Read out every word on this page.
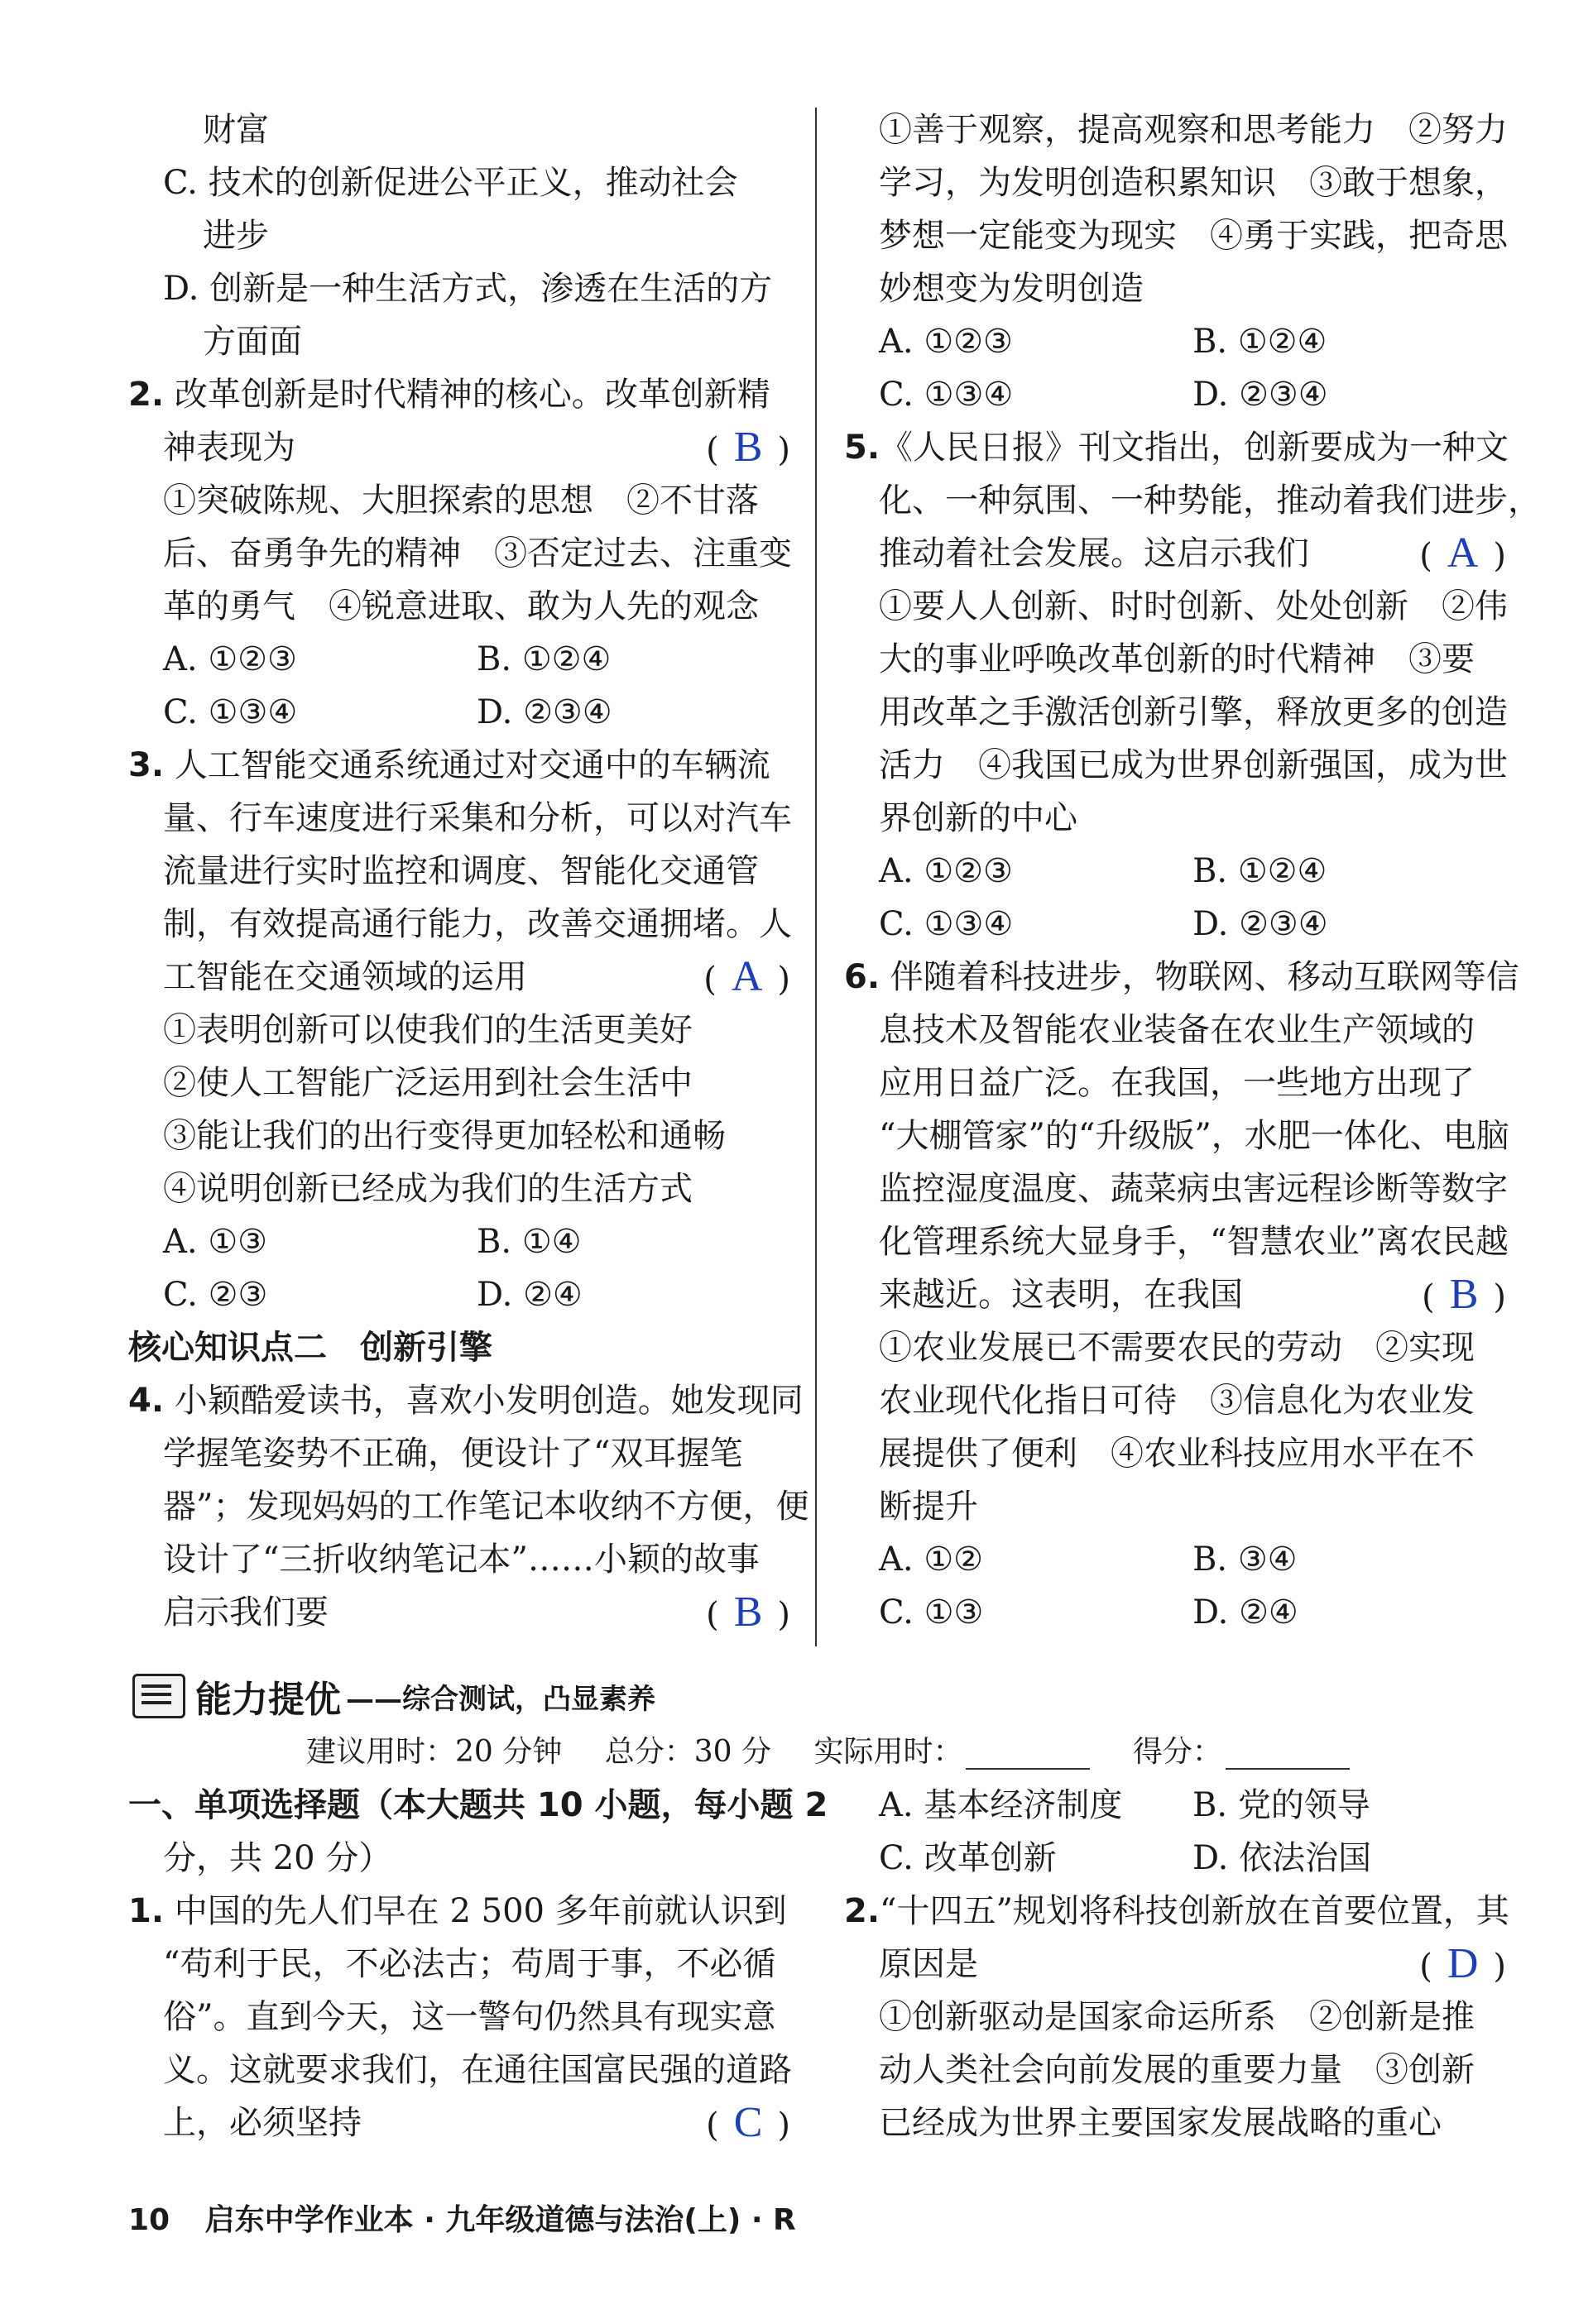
财富
C. 技术的创新促进公平正义，推动社会
进步
D. 创新是一种生活方式，渗透在生活的方
方面面
2. 改革创新是时代精神的核心。改革创新精
神表现为	( B )
①突破陈规、大胆探索的思想　②不甘落
后、奋勇争先的精神　③否定过去、注重变
革的勇气　④锐意进取、敢为人先的观念
A. ①②③	B. ①②④
C. ①③④	D. ②③④
3. 人工智能交通系统通过对交通中的车辆流
量、行车速度进行采集和分析，可以对汽车
流量进行实时监控和调度、智能化交通管
制，有效提高通行能力，改善交通拥堵。人
工智能在交通领域的运用	( A )
①表明创新可以使我们的生活更美好
②使人工智能广泛运用到社会生活中
③能让我们的出行变得更加轻松和通畅
④说明创新已经成为我们的生活方式
A. ①③	B. ①④
C. ②③	D. ②④
核心知识点二　创新引擎
4. 小颖酷爱读书，喜欢小发明创造。她发现同
学握笔姿势不正确，便设计了“双耳握笔
器”；发现妈妈的工作笔记本收纳不方便，便
设计了“三折收纳笔记本”……小颖的故事
启示我们要	( B )
①善于观察，提高观察和思考能力　②努力
学习，为发明创造积累知识　③敢于想象，
梦想一定能变为现实　④勇于实践，把奇思
妙想变为发明创造
A. ①②③	B. ①②④
C. ①③④	D. ②③④
5.《人民日报》刊文指出，创新要成为一种文
化、一种氛围、一种势能，推动着我们进步，
推动着社会发展。这启示我们	( A )
①要人人创新、时时创新、处处创新　②伟
大的事业呼唤改革创新的时代精神　③要
用改革之手激活创新引擎，释放更多的创造
活力　④我国已成为世界创新强国，成为世
界创新的中心
A. ①②③	B. ①②④
C. ①③④	D. ②③④
6. 伴随着科技进步，物联网、移动互联网等信
息技术及智能农业装备在农业生产领域的
应用日益广泛。在我国，一些地方出现了
“大棚管家”的“升级版”，水肥一体化、电脑
监控湿度温度、蔬菜病虫害远程诊断等数字
化管理系统大显身手，“智慧农业”离农民越
来越近。这表明，在我国	( B )
①农业发展已不需要农民的劳动　②实现
农业现代化指日可待　③信息化为农业发
展提供了便利　④农业科技应用水平在不
断提升
A. ①②	B. ③④
C. ①③	D. ②④
能力提优 ——综合测试，凸显素养
建议用时：20 分钟 总分：30 分 实际用时：	得分：
一、单项选择题（本大题共 10 小题，每小题 2
分，共 20 分）
1. 中国的先人们早在 2 500 多年前就认识到
“苟利于民，不必法古；苟周于事，不必循
俗”。直到今天，这一警句仍然具有现实意
义。这就要求我们，在通往国富民强的道路
上，必须坚持	( C )
A. 基本经济制度	B. 党的领导
C. 改革创新	D. 依法治国
2.“十四五”规划将科技创新放在首要位置，其
原因是	( D )
①创新驱动是国家命运所系　②创新是推
动人类社会向前发展的重要力量　③创新
已经成为世界主要国家发展战略的重心
10 启东中学作业本 · 九年级道德与法治(上) · R
